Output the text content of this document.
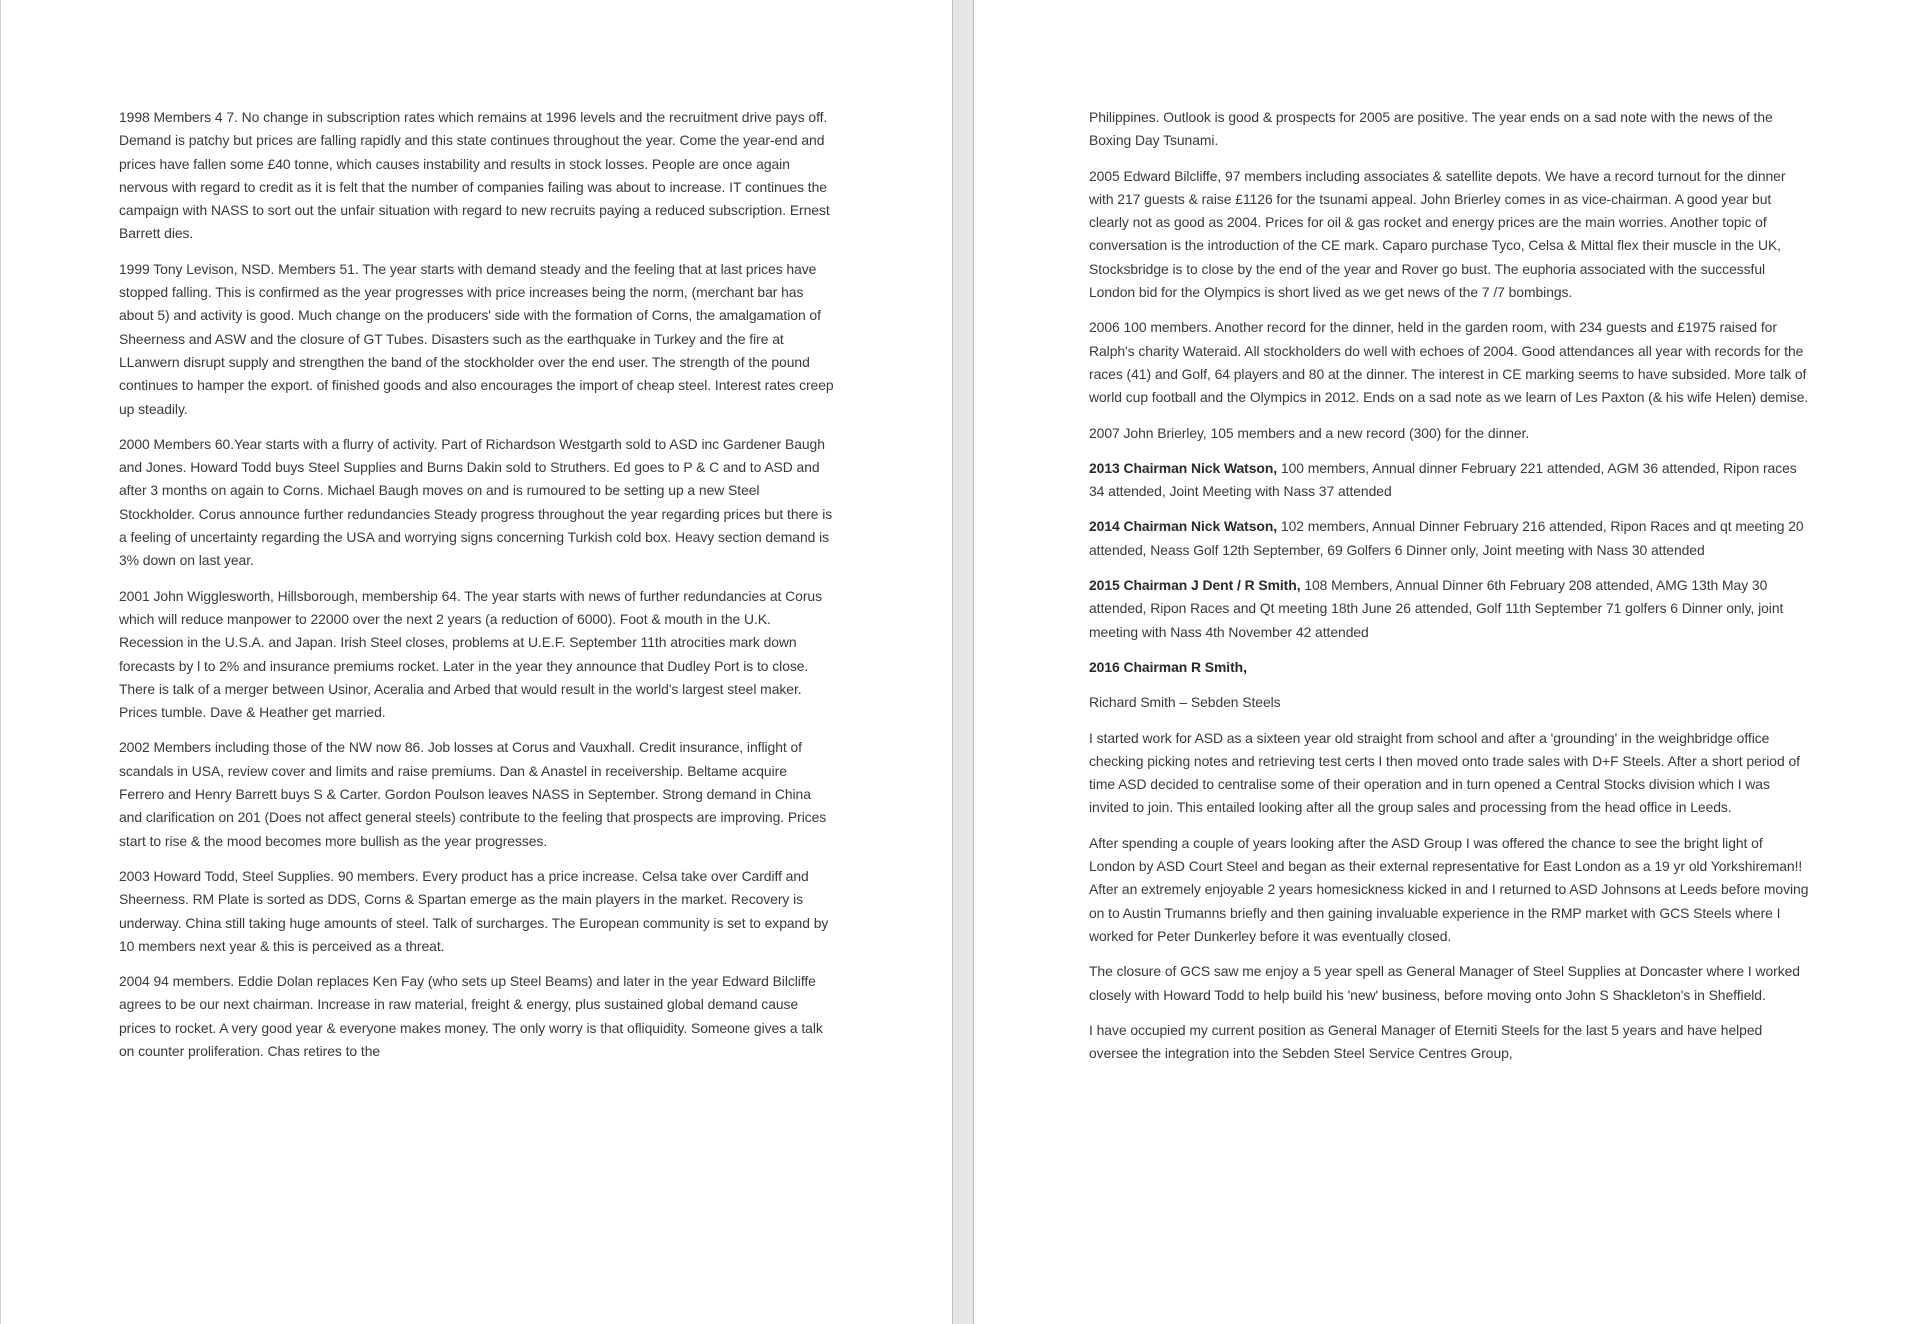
1998 Members 4 7. No change in subscription rates which remains at 1996 levels and the recruitment drive pays off. Demand is patchy but prices are falling rapidly and this state continues throughout the year. Come the year-end and prices have fallen some £40 tonne, which causes instability and results in stock losses. People are once again nervous with regard to credit as it is felt that the number of companies failing was about to increase. IT continues the campaign with NASS to sort out the unfair situation with regard to new recruits paying a reduced subscription. Ernest Barrett dies.

1999 Tony Levison, NSD. Members 51. The year starts with demand steady and the feeling that at last prices have stopped falling. This is confirmed as the year progresses with price increases being the norm, (merchant bar has about 5) and activity is good. Much change on the producers' side with the formation of Corns, the amalgamation of Sheerness and ASW and the closure of GT Tubes. Disasters such as the earthquake in Turkey and the fire at LLanwern disrupt supply and strengthen the band of the stockholder over the end user. The strength of the pound continues to hamper the export. of finished goods and also encourages the import of cheap steel. Interest rates creep up steadily.

2000 Members 60.Year starts with a flurry of activity. Part of Richardson Westgarth sold to ASD inc Gardener Baugh and Jones. Howard Todd buys Steel Supplies and Burns Dakin sold to Struthers. Ed goes to P & C and to ASD and after 3 months on again to Corns. Michael Baugh moves on and is rumoured to be setting up a new Steel Stockholder. Corus announce further redundancies Steady progress throughout the year regarding prices but there is a feeling of uncertainty regarding the USA and worrying signs concerning Turkish cold box. Heavy section demand is 3% down on last year.

2001 John Wigglesworth, Hillsborough, membership 64. The year starts with news of further redundancies at Corus which will reduce manpower to 22000 over the next 2 years (a reduction of 6000). Foot & mouth in the U.K. Recession in the U.S.A. and Japan. Irish Steel closes, problems at U.E.F. September 11th atrocities mark down forecasts by l to 2% and insurance premiums rocket. Later in the year they announce that Dudley Port is to close. There is talk of a merger between Usinor, Aceralia and Arbed that would result in the world's largest steel maker. Prices tumble. Dave & Heather get married.

2002 Members including those of the NW now 86. Job losses at Corus and Vauxhall. Credit insurance, inflight of scandals in USA, review cover and limits and raise premiums. Dan & Anastel in receivership. Beltame acquire Ferrero and Henry Barrett buys S & Carter. Gordon Poulson leaves NASS in September. Strong demand in China and clarification on 201 (Does not affect general steels) contribute to the feeling that prospects are improving. Prices start to rise & the mood becomes more bullish as the year progresses.

2003 Howard Todd, Steel Supplies. 90 members. Every product has a price increase. Celsa take over Cardiff and Sheerness. RM Plate is sorted as DDS, Corns & Spartan emerge as the main players in the market. Recovery is underway. China still taking huge amounts of steel. Talk of surcharges. The European community is set to expand by 10 members next year & this is perceived as a threat.

2004 94 members. Eddie Dolan replaces Ken Fay (who sets up Steel Beams) and later in the year Edward Bilcliffe agrees to be our next chairman. Increase in raw material, freight & energy, plus sustained global demand cause prices to rocket. A very good year & everyone makes money. The only worry is that ofliquidity. Someone gives a talk on counter proliferation. Chas retires to the

Philippines. Outlook is good & prospects for 2005 are positive. The year ends on a sad note with the news of the Boxing Day Tsunami.

2005 Edward Bilcliffe, 97 members including associates & satellite depots. We have a record turnout for the dinner with 217 guests & raise £1126 for the tsunami appeal. John Brierley comes in as vice-chairman. A good year but clearly not as good as 2004. Prices for oil & gas rocket and energy prices are the main worries. Another topic of conversation is the introduction of the CE mark. Caparo purchase Tyco, Celsa & Mittal flex their muscle in the UK, Stocksbridge is to close by the end of the year and Rover go bust. The euphoria associated with the successful London bid for the Olympics is short lived as we get news of the 7 /7 bombings.

2006 100 members. Another record for the dinner, held in the garden room, with 234 guests and £1975 raised for Ralph's charity Wateraid. All stockholders do well with echoes of 2004. Good attendances all year with records for the races (41) and Golf, 64 players and 80 at the dinner. The interest in CE marking seems to have subsided. More talk of world cup football and the Olympics in 2012. Ends on a sad note as we learn of Les Paxton (& his wife Helen) demise.

2007 John Brierley, 105 members and a new record (300) for the dinner.

2013 Chairman Nick Watson, 100 members, Annual dinner February 221 attended, AGM 36 attended, Ripon races 34 attended, Joint Meeting with Nass 37 attended

2014 Chairman Nick Watson, 102 members, Annual Dinner February 216 attended, Ripon Races and qt meeting 20 attended, Neass Golf 12th September, 69 Golfers 6 Dinner only, Joint meeting with Nass 30 attended

2015 Chairman J Dent / R Smith, 108 Members, Annual Dinner 6th February 208 attended, AMG 13th May 30 attended, Ripon Races and Qt meeting 18th June 26 attended, Golf 11th September 71 golfers 6 Dinner only, joint meeting with Nass 4th November 42 attended

2016 Chairman R Smith,

Richard Smith – Sebden Steels

I started work for ASD as a sixteen year old straight from school and after a 'grounding' in the weighbridge office checking picking notes and retrieving test certs I then moved onto trade sales with D+F Steels. After a short period of time ASD decided to centralise some of their operation and in turn opened a Central Stocks division which I was invited to join. This entailed looking after all the group sales and processing from the head office in Leeds.

After spending a couple of years looking after the ASD Group I was offered the chance to see the bright light of London by ASD Court Steel and began as their external representative for East London as a 19 yr old Yorkshireman!! After an extremely enjoyable 2 years homesickness kicked in and I returned to ASD Johnsons at Leeds before moving on to Austin Trumanns briefly and then gaining invaluable experience in the RMP market with GCS Steels where I worked for Peter Dunkerley before it was eventually closed.

The closure of GCS saw me enjoy a 5 year spell as General Manager of Steel Supplies at Doncaster where I worked closely with Howard Todd to help build his 'new' business, before moving onto John S Shackleton's in Sheffield.

I have occupied my current position as General Manager of Eterniti Steels for the last 5 years and have helped oversee the integration into the Sebden Steel Service Centres Group,
